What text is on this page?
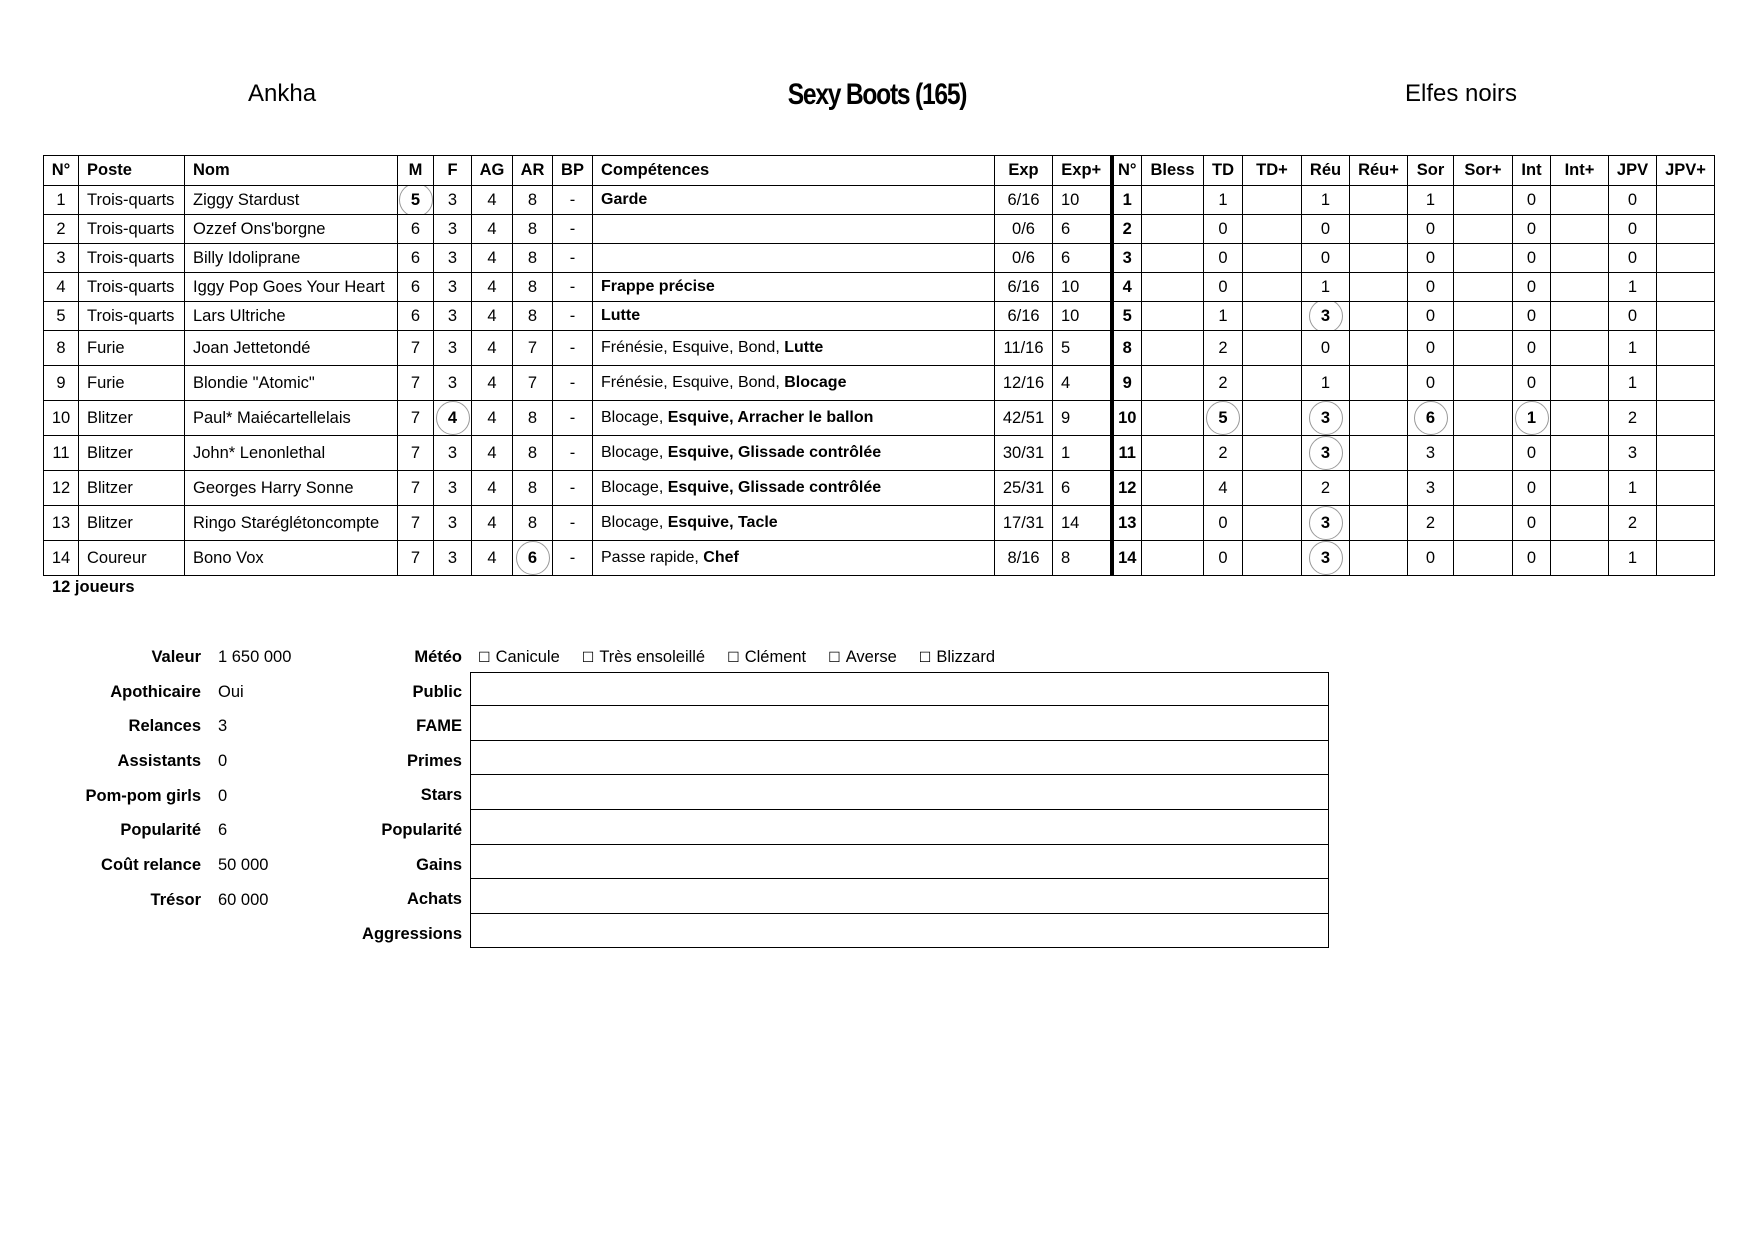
Ankha	Sexy Boots (165)	Elfes noirs
N°	Poste	Nom	M	F	AG	AR	BP	Compétences	Exp	Exp+	N°	Bless	TD	TD+	Réu	Réu+	Sor	Sor+	Int	Int+	JPV	JPV+
1	Trois-quarts	Ziggy Stardust	5	3	4	8	-	Garde	6/16	10	1		1		1		1		0		0	
2	Trois-quarts	Ozzef Ons'borgne	6	3	4	8	-		0/6	6	2		0		0		0		0		0	
3	Trois-quarts	Billy Idoliprane	6	3	4	8	-		0/6	6	3		0		0		0		0		0	
4	Trois-quarts	Iggy Pop Goes Your Heart	6	3	4	8	-	Frappe précise	6/16	10	4		0		1		0		0		1	
5	Trois-quarts	Lars Ultriche	6	3	4	8	-	Lutte	6/16	10	5		1		3		0		0		0	
8	Furie	Joan Jettetondé	7	3	4	7	-	Frénésie, Esquive, Bond, Lutte	11/16	5	8		2		0		0		0		1	
9	Furie	Blondie "Atomic"	7	3	4	7	-	Frénésie, Esquive, Bond, Blocage	12/16	4	9		2		1		0		0		1	
10	Blitzer	Paul* Maiécartellelais	7	4	4	8	-	Blocage, Esquive, Arracher le ballon	42/51	9	10		5		3		6		1		2	
11	Blitzer	John* Lenonlethal	7	3	4	8	-	Blocage, Esquive, Glissade contrôlée	30/31	1	11		2		3		3		0		3	
12	Blitzer	Georges Harry Sonne	7	3	4	8	-	Blocage, Esquive, Glissade contrôlée	25/31	6	12		4		2		3		0		1	
13	Blitzer	Ringo Staréglétoncompte	7	3	4	8	-	Blocage, Esquive, Tacle	17/31	14	13		0		3		2		0		2	
14	Coureur	Bono Vox	7	3	4	6	-	Passe rapide, Chef	8/16	8	14		0		3		0		0		1	
12 joueurs
Valeur 1 650 000
Apothicaire Oui
Relances 3
Assistants 0
Pom-pom girls 0
Popularité 6
Coût relance 50 000
Trésor 60 000
Météo ☐ Canicule ☐ Très ensoleillé ☐ Clément ☐ Averse ☐ Blizzard
Public
FAME
Primes
Stars
Popularité
Gains
Achats
Aggressions
